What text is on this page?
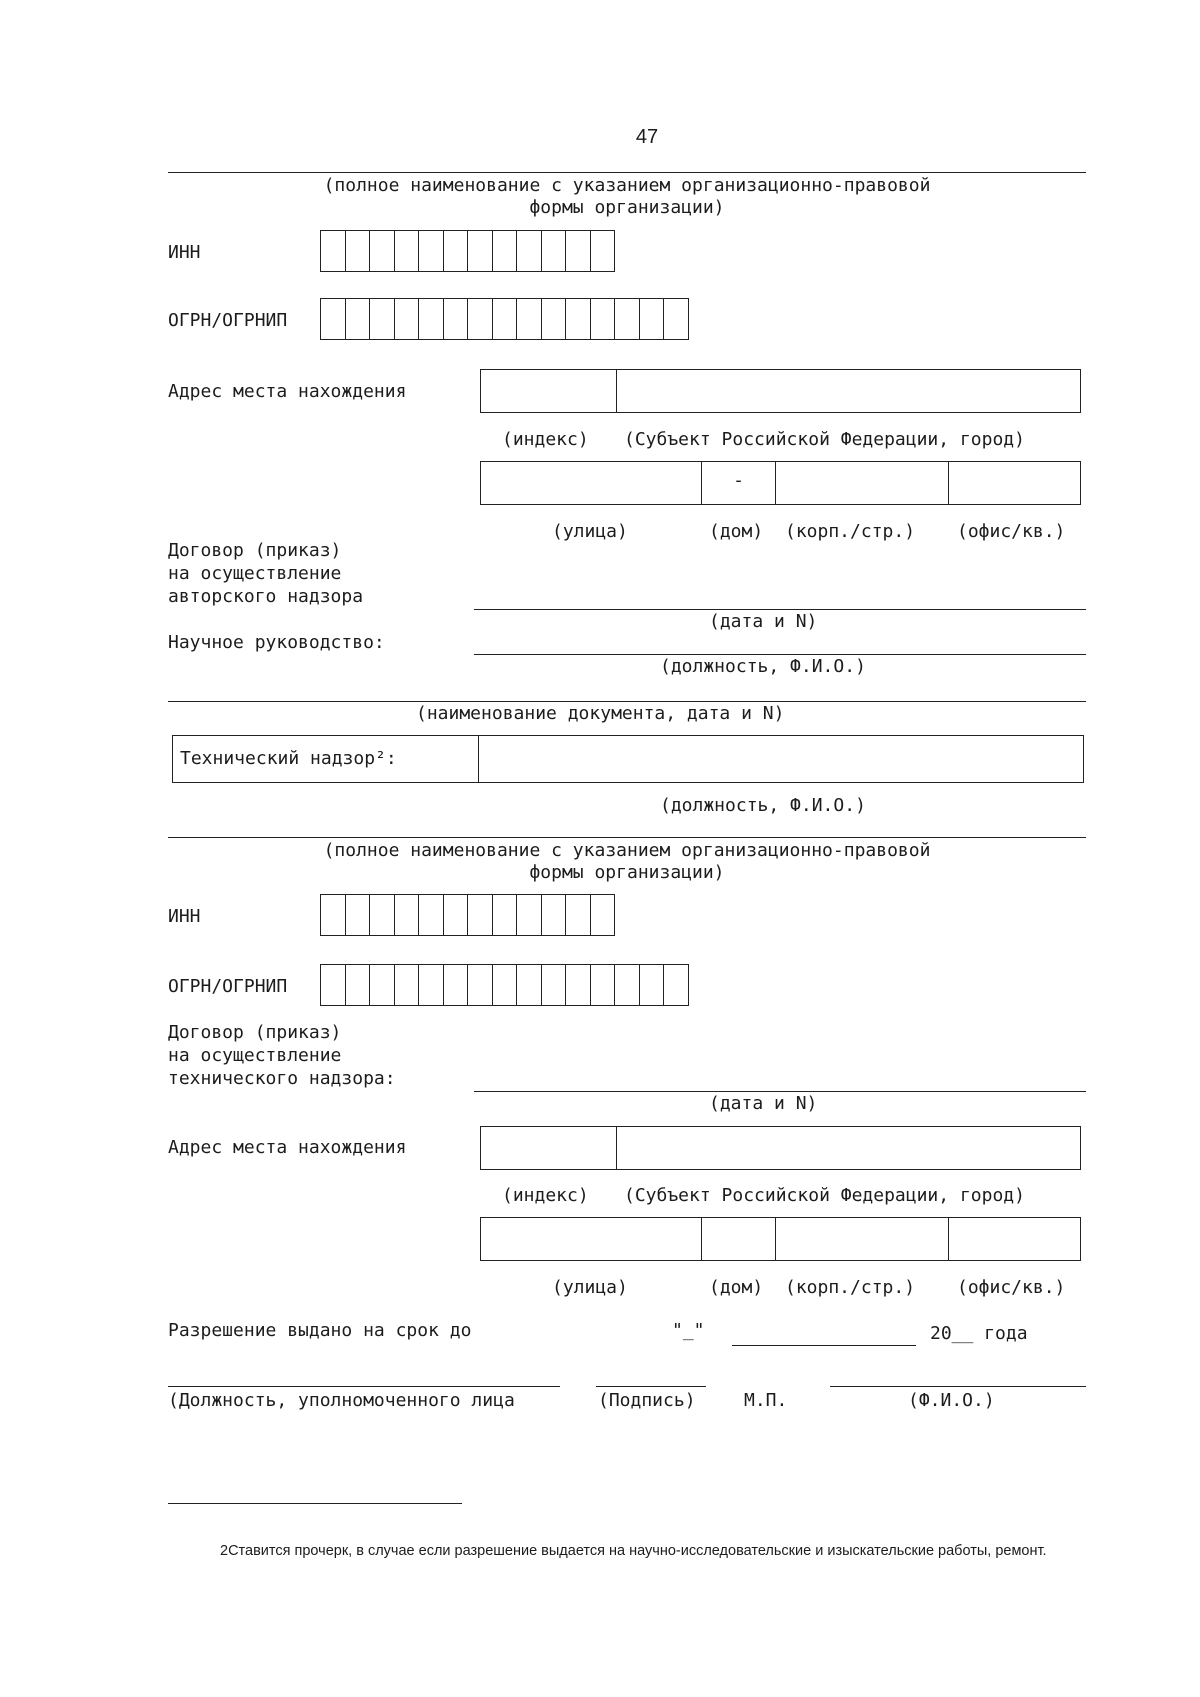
47
(полное наименование с указанием организационно-правовой
формы организации)
ИНН
ОГРН/ОГРНИП
Адрес места нахождения
(индекс) (Субъект Российской Федерации, город)
-
(улица)	(дом) (корп./стр.) (офис/кв.)
Договор (приказ)
на осуществление
авторского надзора
(дата и N)
Научное руководство:
(должность, Ф.И.О.)
(наименование документа, дата и N)
Технический надзор²:
(должность, Ф.И.О.)
(полное наименование с указанием организационно-правовой
формы организации)
ИНН
ОГРН/ОГРНИП
Договор (приказ)
на осуществление
технического надзора:
(дата и N)
Адрес места нахождения
(индекс) (Субъект Российской Федерации, город)
(улица)	(дом) (корп./стр.) (офис/кв.)
Разрешение выдано на срок до	"_"	20__ года
(Должность, уполномоченного лица	(Подпись)	М.П.	(Ф.И.О.)
2Ставится прочерк, в случае если разрешение выдается на научно-исследовательские и изыскательские работы, ремонт.
